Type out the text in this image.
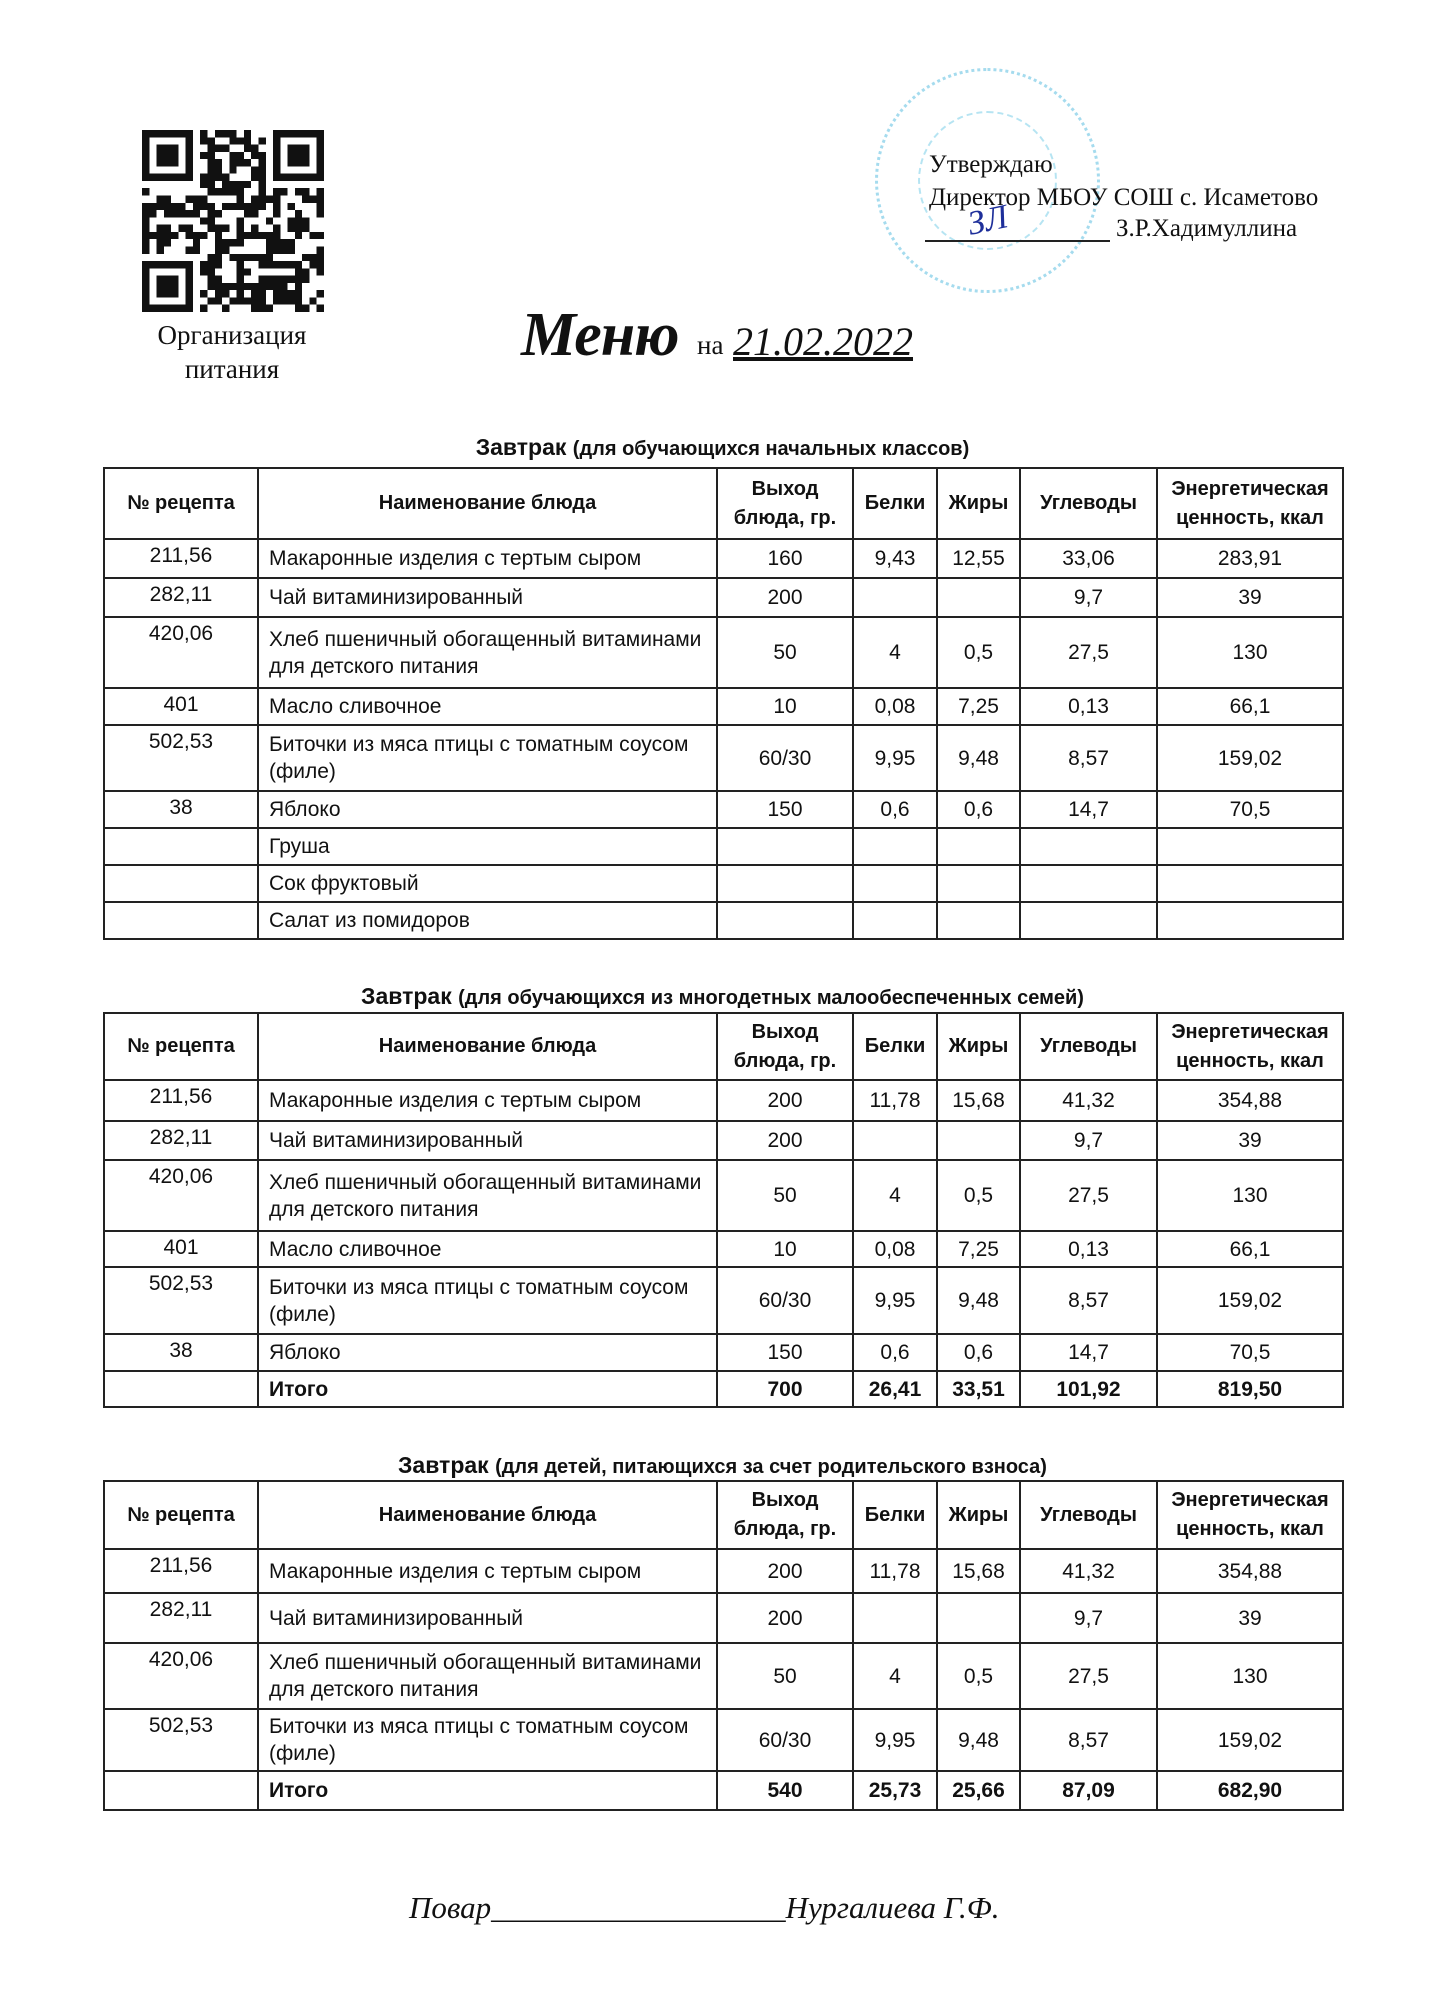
Организация
питания
Утверждаю
Директор МБОУ СОШ с. Исаметово
ЗЛ	З.Р.Хадимуллина
Меню на 21.02.2022
Завтрак (для обучающихся начальных классов)
№ рецепта	Наименование блюда	Выход блюда, гр.	Белки	Жиры	Углеводы	Энергетическая ценность, ккал
211,56	Макаронные изделия с тертым сыром	160	9,43	12,55	33,06	283,91
282,11	Чай витаминизированный	200			9,7	39
420,06	Хлеб пшеничный обогащенный витаминами для детского питания	50	4	0,5	27,5	130
401	Масло сливочное	10	0,08	7,25	0,13	66,1
502,53	Биточки из мяса птицы с томатным соусом (филе)	60/30	9,95	9,48	8,57	159,02
38	Яблоко	150	0,6	0,6	14,7	70,5
	Груша					
	Сок фруктовый					
	Салат из помидоров					
Завтрак (для обучающихся из многодетных малообеспеченных семей)
№ рецепта	Наименование блюда	Выход блюда, гр.	Белки	Жиры	Углеводы	Энергетическая ценность, ккал
211,56	Макаронные изделия с тертым сыром	200	11,78	15,68	41,32	354,88
282,11	Чай витаминизированный	200			9,7	39
420,06	Хлеб пшеничный обогащенный витаминами для детского питания	50	4	0,5	27,5	130
401	Масло сливочное	10	0,08	7,25	0,13	66,1
502,53	Биточки из мяса птицы с томатным соусом (филе)	60/30	9,95	9,48	8,57	159,02
38	Яблоко	150	0,6	0,6	14,7	70,5
	Итого	700	26,41	33,51	101,92	819,50
Завтрак (для детей, питающихся за счет родительского взноса)
№ рецепта	Наименование блюда	Выход блюда, гр.	Белки	Жиры	Углеводы	Энергетическая ценность, ккал
211,56	Макаронные изделия с тертым сыром	200	11,78	15,68	41,32	354,88
282,11	Чай витаминизированный	200			9,7	39
420,06	Хлеб пшеничный обогащенный витаминами для детского питания	50	4	0,5	27,5	130
502,53	Биточки из мяса птицы с томатным соусом (филе)	60/30	9,95	9,48	8,57	159,02
	Итого	540	25,73	25,66	87,09	682,90
Повар___________________Нургалиева Г.Ф.
